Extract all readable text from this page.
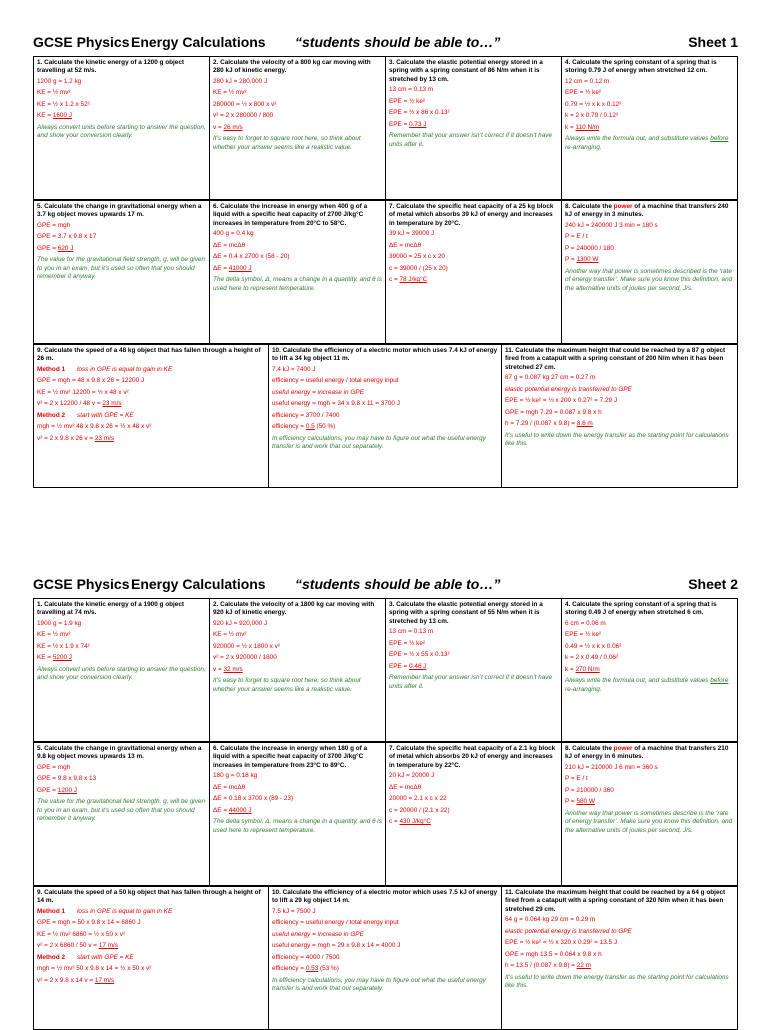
GCSE Physics Energy Calculations “students should be able to…”	Sheet 1
1. Calculate the kinetic energy of a 1200 g object travelling at 52 m/s.
1200 g = 1.2 kg
KE = ½ mv²
KE = ½ x 1.2 x 52²
KE = 1600 J
Always convert units before starting to answer the question, and show your conversion clearly.
2. Calculate the velocity of a 800 kg car moving with 280 kJ of kinetic energy.
280 kJ = 280,000 J
KE = ½ mv²
280000 = ½ x 800 x v²
v² = 2 x 280000 / 800
v = 26 m/s
It’s easy to forget to square root here, so think about whether your answer seems like a realistic value.
3. Calculate the elastic potential energy stored in a spring with a spring constant of 86 N/m when it is stretched by 13 cm.
13 cm = 0.13 m
EPE = ½ ke²
EPE = ½ x 86 x 0.13²
EPE = 0.73 J
Remember that your answer isn’t correct if it doesn’t have units after it.
4. Calculate the spring constant of a spring that is storing 0.79 J of energy when stretched 12 cm.
12 cm = 0.12 m
EPE = ½ ke²
0.79 = ½ x k x 0.12²
k = 2 x 0.79 / 0.12²
k = 110 N/m
Always write the formula out, and substitute values before re-arranging.
5. Calculate the change in gravitational energy when a 3.7 kg object moves upwards 17 m.
GPE = mgh
GPE = 3.7 x 9.8 x 17
GPE = 620 J
The value for the gravitational field strength, g, will be given to you in an exam, but it’s used so often that you should remember it anyway.
6. Calculate the increase in energy when 400 g of a liquid with a specific heat capacity of 2700 J/kg°C increases in temperature from 20°C to 58°C.
400 g = 0.4 kg
ΔE = mcΔθ
ΔE = 0.4 x 2700 x (58 - 20)
ΔE = 41000 J
The delta symbol, Δ, means a change in a quantity, and θ is used here to represent temperature.
7. Calculate the specific heat capacity of a 25 kg block of metal which absorbs 39 kJ of energy and increases in temperature by 20°C.
39 kJ = 39000 J
ΔE = mcΔθ
39000 = 25 x c x 20
c = 39000 / (25 x 20)
c = 78 J/kg°C
8. Calculate the power of a machine that transfers 240 kJ of energy in 3 minutes.
240 kJ = 240000 J 3 min = 180 s
P = E / t
P = 240000 / 180
P = 1300 W
Another way that power is sometimes described is the ‘rate of energy transfer’. Make sure you know this definition, and the alternative units of joules per second, J/s.
9. Calculate the speed of a 48 kg object that has fallen through a height of 26 m.
Method 1 loss in GPE is equal to gain in KE
GPE = mgh = 48 x 9.8 x 26 = 12200 J
KE = ½ mv² 12200 = ½ x 48 x v²
v² = 2 x 12200 / 48 v = 23 m/s
Method 2 start with GPE = KE
mgh = ½ mv² 48 x 9.8 x 26 = ½ x 48 x v²
v² = 2 x 9.8 x 26 v = 23 m/s
10. Calculate the efficiency of a electric motor which uses 7.4 kJ of energy to lift a 34 kg object 11 m.
7.4 kJ = 7400 J
efficiency = useful energy / total energy input
useful energy = increase in GPE
useful energy = mgh = 34 x 9.8 x 11 = 3700 J
efficiency = 3700 / 7400
efficiency = 0.5 (50 %)
In efficiency calculations, you may have to figure out what the useful energy transfer is and work that out separately.
11. Calculate the maximum height that could be reached by a 87 g object fired from a catapult with a spring constant of 200 N/m when it has been stretched 27 cm.
87 g = 0.087 kg 27 cm = 0.27 m
elastic potential energy is transferred to GPE
EPE = ½ ke² = ½ x 200 x 0.27² = 7.29 J
GPE = mgh 7.29 = 0.087 x 9.8 x h
h = 7.29 / (0.087 x 9.8) = 8.6 m
It’s useful to write down the energy transfer as the starting point for calculations like this.
GCSE Physics Energy Calculations “students should be able to…”	Sheet 2
1. Calculate the kinetic energy of a 1900 g object travelling at 74 m/s.
1900 g = 1.9 kg
KE = ½ mv²
KE = ½ x 1.9 x 74²
KE = 5200 J
Always convert units before starting to answer the question, and show your conversion clearly.
2. Calculate the velocity of a 1800 kg car moving with 920 kJ of kinetic energy.
920 kJ = 920,000 J
KE = ½ mv²
920000 = ½ x 1800 x v²
v² = 2 x 920000 / 1800
v = 32 m/s
It’s easy to forget to square root here, so think about whether your answer seems like a realistic value.
3. Calculate the elastic potential energy stored in a spring with a spring constant of 55 N/m when it is stretched by 13 cm.
13 cm = 0.13 m
EPE = ½ ke²
EPE = ½ x 55 x 0.13²
EPE = 0.46 J
Remember that your answer isn’t correct if it doesn’t have units after it.
4. Calculate the spring constant of a spring that is storing 0.49 J of energy when stretched 6 cm.
6 cm = 0.06 m
EPE = ½ ke²
0.49 = ½ x k x 0.06²
k = 2 x 0.49 / 0.06²
k = 270 N/m
Always write the formula out, and substitute values before re-arranging.
5. Calculate the change in gravitational energy when a 9.8 kg object moves upwards 13 m.
GPE = mgh
GPE = 9.8 x 9.8 x 13
GPE = 1200 J
The value for the gravitational field strength, g, will be given to you in an exam, but it’s used so often that you should remember it anyway.
6. Calculate the increase in energy when 180 g of a liquid with a specific heat capacity of 3700 J/kg°C increases in temperature from 23°C to 89°C.
180 g = 0.18 kg
ΔE = mcΔθ
ΔE = 0.18 x 3700 x (89 - 23)
ΔE = 44000 J
The delta symbol, Δ, means a change in a quantity, and θ is used here to represent temperature.
7. Calculate the specific heat capacity of a 2.1 kg block of metal which absorbs 20 kJ of energy and increases in temperature by 22°C.
20 kJ = 20000 J
ΔE = mcΔθ
20000 = 2.1 x c x 22
c = 20000 / (2.1 x 22)
c = 430 J/kg°C
8. Calculate the power of a machine that transfers 210 kJ of energy in 6 minutes.
210 kJ = 210000 J 6 min = 360 s
P = E / t
P = 210000 / 360
P = 580 W
Another way that power is sometimes describe is the ‘rate of energy transfer’. Make sure you know this definition, and the alternative units of joules per second, J/s.
9. Calculate the speed of a 50 kg object that has fallen through a height of 14 m.
Method 1 loss in GPE is equal to gain in KE
GPE = mgh = 50 x 9.8 x 14 = 6860 J
KE = ½ mv² 6860 = ½ x 50 x v²
v² = 2 x 6860 / 50 v = 17 m/s
Method 2 start with GPE = KE
mgh = ½ mv² 50 x 9.8 x 14 = ½ x 50 x v²
v² = 2 x 9.8 x 14 v = 17 m/s
10. Calculate the efficiency of a electric motor which uses 7.5 kJ of energy to lift a 29 kg object 14 m.
7.5 kJ = 7500 J
efficiency = useful energy / total energy input
useful energy = increase in GPE
useful energy = mgh = 29 x 9.8 x 14 = 4000 J
efficiency = 4000 / 7500
efficiency = 0.53 (53 %)
In efficiency calculations, you may have to figure out what the useful energy transfer is and work that out separately.
11. Calculate the maximum height that could be reached by a 64 g object fired from a catapult with a spring constant of 320 N/m when it has been stretched 29 cm.
64 g = 0.064 kg 29 cm = 0.29 m
elastic potential energy is transferred to GPE
EPE = ½ ke² = ½ x 320 x 0.29² = 13.5 J
GPE = mgh 13.5 = 0.064 x 9.8 x h
h = 13.5 / (0.087 x 9.8) = 22 m
It’s useful to write down the energy transfer as the starting point for calculations like this.
